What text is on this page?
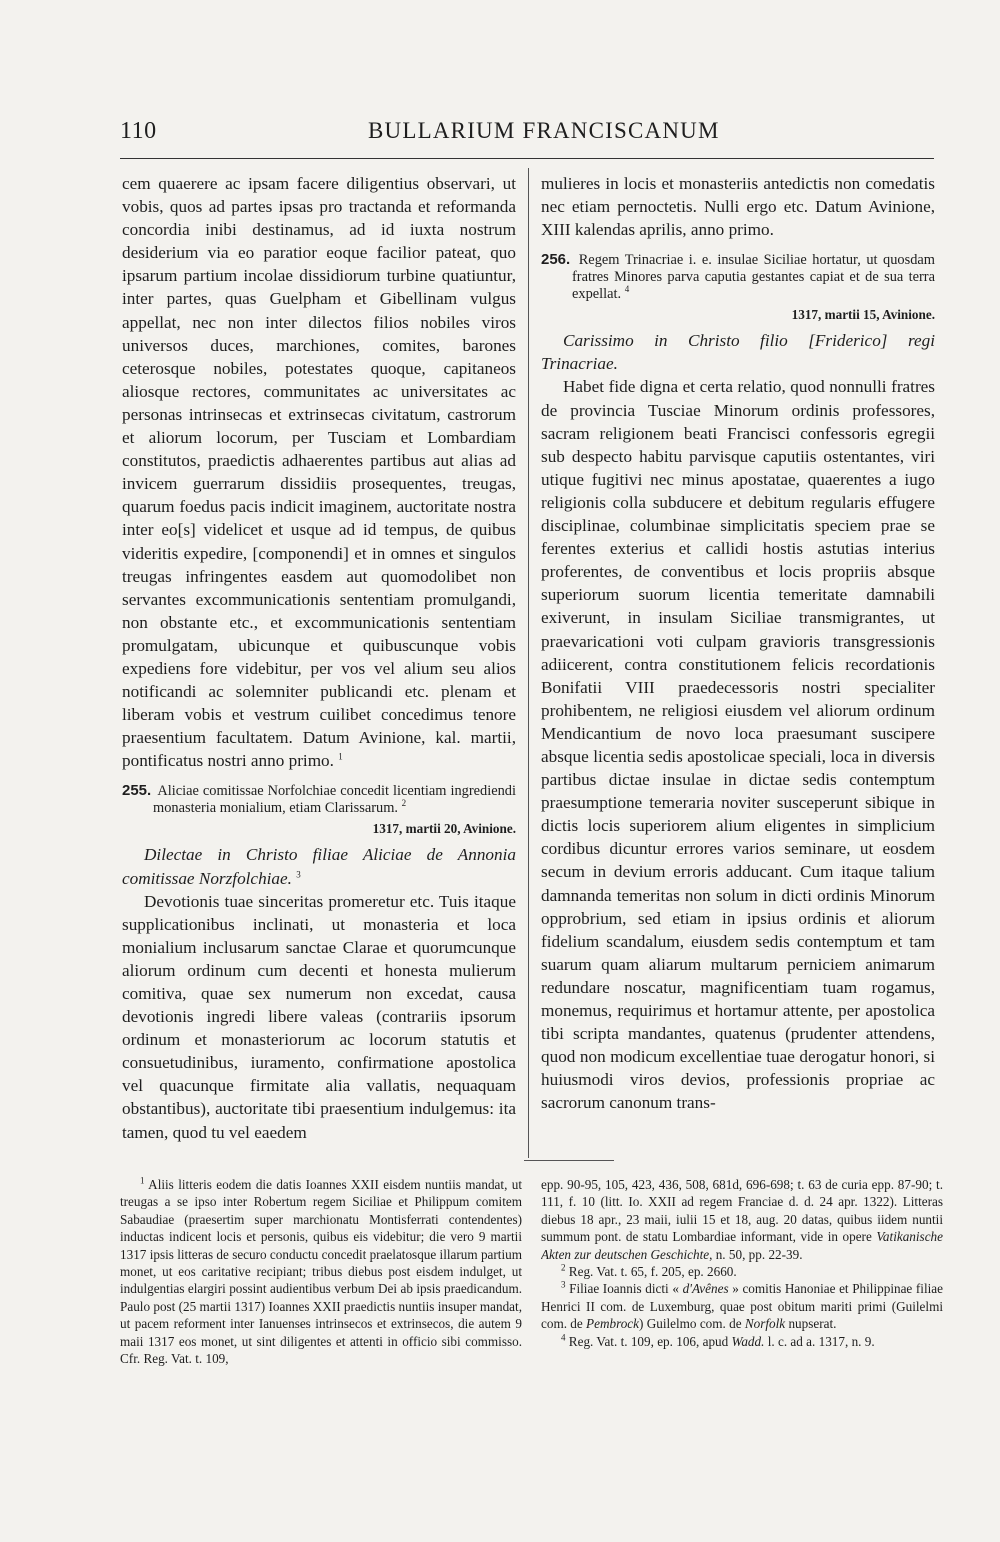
110	BULLARIUM FRANCISCANUM

cem quaerere ac ipsam facere diligentius observari, ut vobis, quos ad partes ipsas pro tractanda et reformanda concordia inibi destinamus, ad id iuxta nostrum desiderium via eo paratior eoque facilior pateat, quo ipsarum partium incolae dissidiorum turbine quatiuntur, inter partes, quas Guelpham et Gibellinam vulgus appellat, nec non inter dilectos filios nobiles viros universos duces, marchiones, comites, barones ceterosque nobiles, potestates quoque, capitaneos aliosque rectores, communitates ac universitates ac personas intrinsecas et extrinsecas civitatum, castrorum et aliorum locorum, per Tusciam et Lombardiam constitutos, praedictis adhaerentes partibus aut alias ad invicem guerrarum dissidiis prosequentes, treugas, quarum foedus pacis indicit imaginem, auctoritate nostra inter eo[s] videlicet et usque ad id tempus, de quibus videritis expedire, [componendi] et in omnes et singulos treugas infringentes easdem aut quomodolibet non servantes excommunicationis sententiam promulgandi, non obstante etc., et excommunicationis sententiam promulgatam, ubicunque et quibuscunque vobis expediens fore videbitur, per vos vel alium seu alios notificandi ac solemniter publicandi etc. plenam et liberam vobis et vestrum cuilibet concedimus tenore praesentium facultatem. Datum Avinione, kal. martii, pontificatus nostri anno primo. $^1$

255. Aliciae comitissae Norfolchiae concedit licentiam ingrediendi monasteria monialium, etiam Clarissarum. $^2$

1317, martii 20, Avinione.

Dilectae in Christo filiae Aliciae de Annonia comitissae Norzfolchiae. $^3$

Devotionis tuae sinceritas promeretur etc. Tuis itaque supplicationibus inclinati, ut monasteria et loca monialium inclusarum sanctae Clarae et quorumcunque aliorum ordinum cum decenti et honesta mulierum comitiva, quae sex numerum non excedat, causa devotionis ingredi libere valeas (contrariis ipsorum ordinum et monasteriorum ac locorum statutis et consuetudinibus, iuramento, confirmatione apostolica vel quacunque firmitate alia vallatis, nequaquam obstantibus), auctoritate tibi praesentium indulgemus: ita tamen, quod tu vel eaedem

mulieres in locis et monasteriis antedictis non comedatis nec etiam pernoctetis. Nulli ergo etc. Datum Avinione, XIII kalendas aprilis, anno primo.

256. Regem Trinacriae i. e. insulae Siciliae hortatur, ut quosdam fratres Minores parva caputia gestantes capiat et de sua terra expellat. $^4$

1317, martii 15, Avinione.

Carissimo in Christo filio [Friderico] regi Trinacriae.

Habet fide digna et certa relatio, quod nonnulli fratres de provincia Tusciae Minorum ordinis professores, sacram religionem beati Francisci confessoris egregii sub despecto habitu parvisque caputiis ostentantes, viri utique fugitivi nec minus apostatae, quaerentes a iugo religionis colla subducere et debitum regularis effugere disciplinae, columbinae simplicitatis speciem prae se ferentes exterius et callidi hostis astutias interius proferentes, de conventibus et locis propriis absque superiorum suorum licentia temeritate damnabili exiverunt, in insulam Siciliae transmigrantes, ut praevaricationi voti culpam gravioris transgressionis adiicerent, contra constitutionem felicis recordationis Bonifatii VIII praedecessoris nostri specialiter prohibentem, ne religiosi eiusdem vel aliorum ordinum Mendicantium de novo loca praesumant suscipere absque licentia sedis apostolicae speciali, loca in diversis partibus dictae insulae in dictae sedis contemptum praesumptione temeraria noviter susceperunt sibique in dictis locis superiorem alium eligentes in simplicium cordibus dicuntur errores varios seminare, ut eosdem secum in devium erroris adducant. Cum itaque talium damnanda temeritas non solum in dicti ordinis Minorum opprobrium, sed etiam in ipsius ordinis et aliorum fidelium scandalum, eiusdem sedis contemptum et tam suarum quam aliarum multarum perniciem animarum redundare noscatur, magnificentiam tuam rogamus, monemus, requirimus et hortamur attente, per apostolica tibi scripta mandantes, quatenus (prudenter attendens, quod non modicum excellentiae tuae derogatur honori, si huiusmodi viros devios, professionis propriae ac sacrorum canonum trans-

$^1$ Aliis litteris eodem die datis Ioannes XXII eisdem nuntiis mandat, ut treugas a se ipso inter Robertum regem Siciliae et Philippum comitem Sabaudiae (praesertim super marchionatu Montisferrati contendentes) inductas indicent locis et personis, quibus eis videbitur; die vero 9 martii 1317 ipsis litteras de securo conductu concedit praelatosque illarum partium monet, ut eos caritative recipiant; tribus diebus post eisdem indulget, ut indulgentias elargiri possint audientibus verbum Dei ab ipsis praedicandum. Paulo post (25 martii 1317) Ioannes XXII praedictis nuntiis insuper mandat, ut pacem reforment inter Ianuenses intrinsecos et extrinsecos, die autem 9 maii 1317 eos monet, ut sint diligentes et attenti in officio sibi commisso. Cfr. Reg. Vat. t. 109,

epp. 90-95, 105, 423, 436, 508, 681d, 696-698; t. 63 de curia epp. 87-90; t. 111, f. 10 (litt. Io. XXII ad regem Franciae d. d. 24 apr. 1322). Litteras diebus 18 apr., 23 maii, iulii 15 et 18, aug. 20 datas, quibus iidem nuntii summum pont. de statu Lombardiae informant, vide in opere Vatikanische Akten zur deutschen Geschichte, n. 50, pp. 22-39.

$^2$ Reg. Vat. t. 65, f. 205, ep. 2660.

$^3$ Filiae Ioannis dicti « d'Avênes » comitis Hanoniae et Philippinae filiae Henrici II com. de Luxemburg, quae post obitum mariti primi (Guilelmi com. de Pembrock) Guilelmo com. de Norfolk nupserat.

$^4$ Reg. Vat. t. 109, ep. 106, apud Wadd. l. c. ad a. 1317, n. 9.
